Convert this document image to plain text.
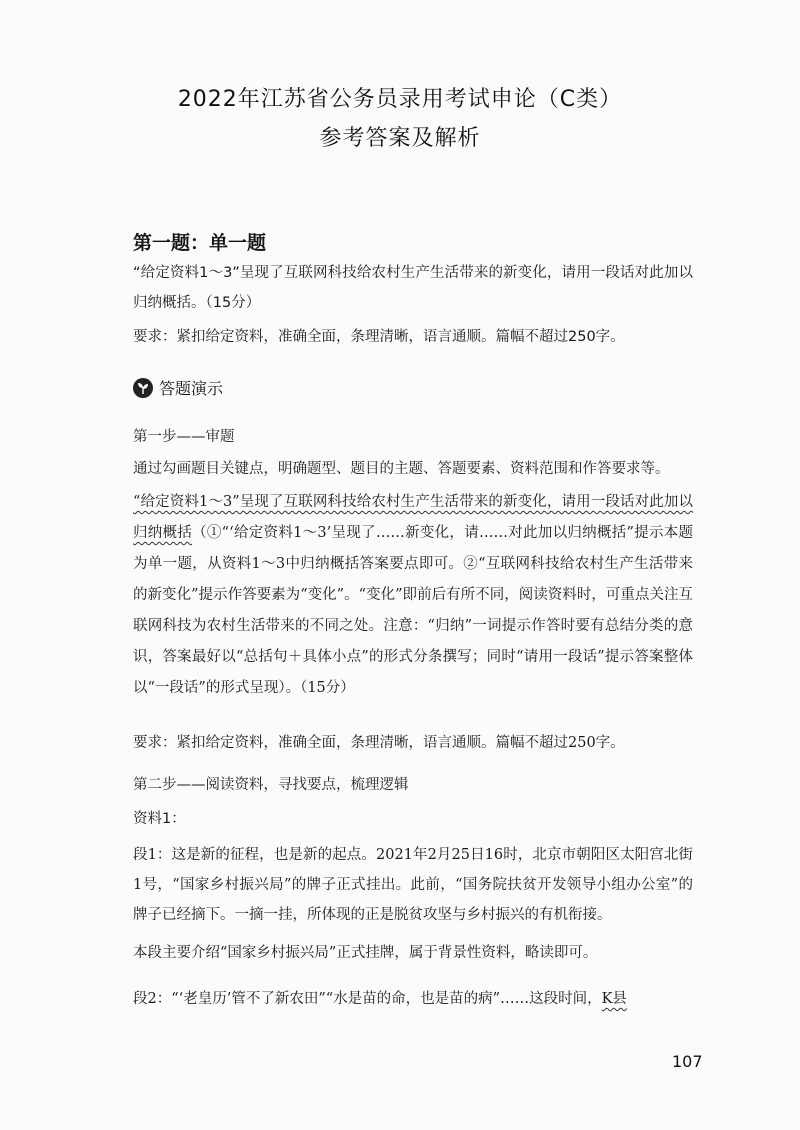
2022年江苏省公务员录用考试申论（C类）
参考答案及解析
第一题：单一题
“给定资料1～3”呈现了互联网科技给农村生产生活带来的新变化，请用一段话对此加以归纳概括。（15分）
要求：紧扣给定资料，准确全面，条理清晰，语言通顺。篇幅不超过250字。
答题演示
第一步——审题
通过勾画题目关键点，明确题型、题目的主题、答题要素、资料范围和作答要求等。
“给定资料1～3”呈现了互联网科技给农村生产生活带来的新变化，请用一段话对此加以归纳概括（①“‘给定资料1～3’呈现了……新变化，请……对此加以归纳概括”提示本题为单一题，从资料1～3中归纳概括答案要点即可。②“互联网科技给农村生产生活带来的新变化”提示作答要素为“变化”。“变化”即前后有所不同，阅读资料时，可重点关注互联网科技为农村生活带来的不同之处。注意：“归纳”一词提示作答时要有总结分类的意识，答案最好以“总括句＋具体小点”的形式分条撰写；同时“请用一段话”提示答案整体以“一段话”的形式呈现）。（15分）
要求：紧扣给定资料，准确全面，条理清晰，语言通顺。篇幅不超过250字。
第二步——阅读资料，寻找要点，梳理逻辑
资料1：
段1：这是新的征程，也是新的起点。2021年2月25日16时，北京市朝阳区太阳宫北街1号，“国家乡村振兴局”的牌子正式挂出。此前，“国务院扶贫开发领导小组办公室”的牌子已经摘下。一摘一挂，所体现的正是脱贫攻坚与乡村振兴的有机衔接。
本段主要介绍“国家乡村振兴局”正式挂牌，属于背景性资料，略读即可。
段2：“‘老皇历’管不了新农田”“水是苗的命，也是苗的病”……这段时间，K县
107
